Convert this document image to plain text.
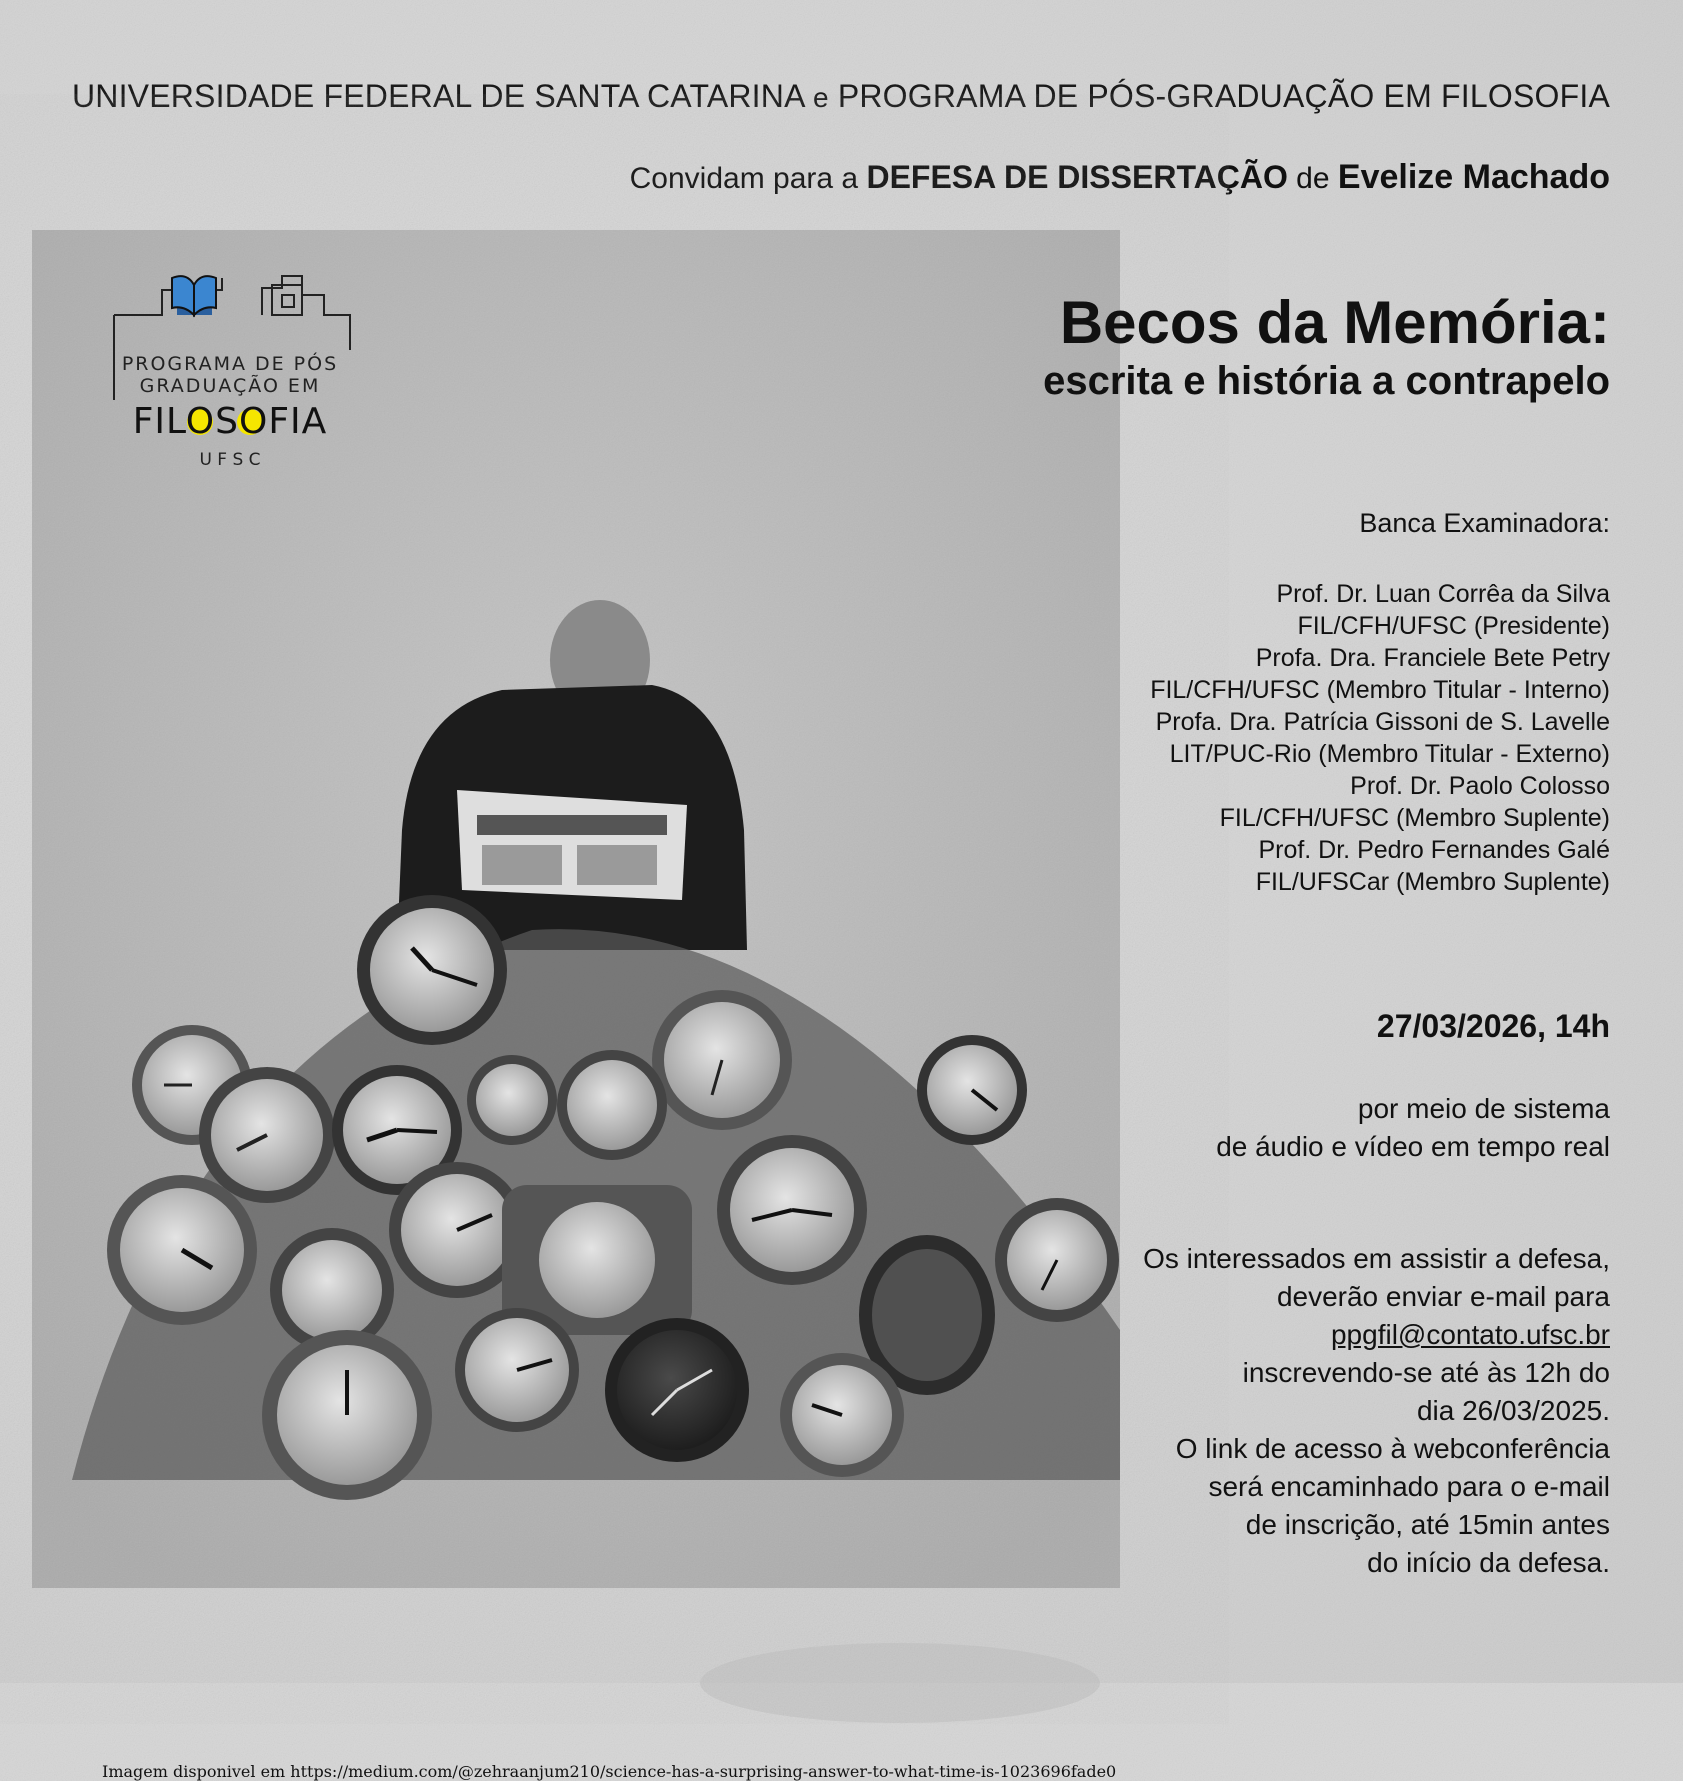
UNIVERSIDADE FEDERAL DE SANTA CATARINA e PROGRAMA DE PÓS-GRADUAÇÃO EM FILOSOFIA
Convidam para a DEFESA DE DISSERTAÇÃO de Evelize Machado
Imagem disponivel em https://medium.com/@zehraanjum210/science-has-a-surprising-answer-to-what-time-is-1023696fade0
PROGRAMA DE PÓS
GRADUAÇÃO EM
FILOSOFIA
U F S C
Becos da Memória:
escrita e história a contrapelo
Banca Examinadora:
Prof. Dr. Luan Corrêa da Silva
FIL/CFH/UFSC (Presidente)
Profa. Dra. Franciele Bete Petry
FIL/CFH/UFSC (Membro Titular - Interno)
Profa. Dra. Patrícia Gissoni de S. Lavelle
LIT/PUC-Rio (Membro Titular - Externo)
Prof. Dr. Paolo Colosso
FIL/CFH/UFSC (Membro Suplente)
Prof. Dr. Pedro Fernandes Galé
FIL/UFSCar (Membro Suplente)
27/03/2026, 14h
por meio de sistema
de áudio e vídeo em tempo real
Os interessados em assistir a defesa,
deverão enviar e-mail para
ppgfil@contato.ufsc.br
inscrevendo-se até às 12h do
dia 26/03/2025.
O link de acesso à webconferência
será encaminhado para o e-mail
de inscrição, até 15min antes
do início da defesa.
